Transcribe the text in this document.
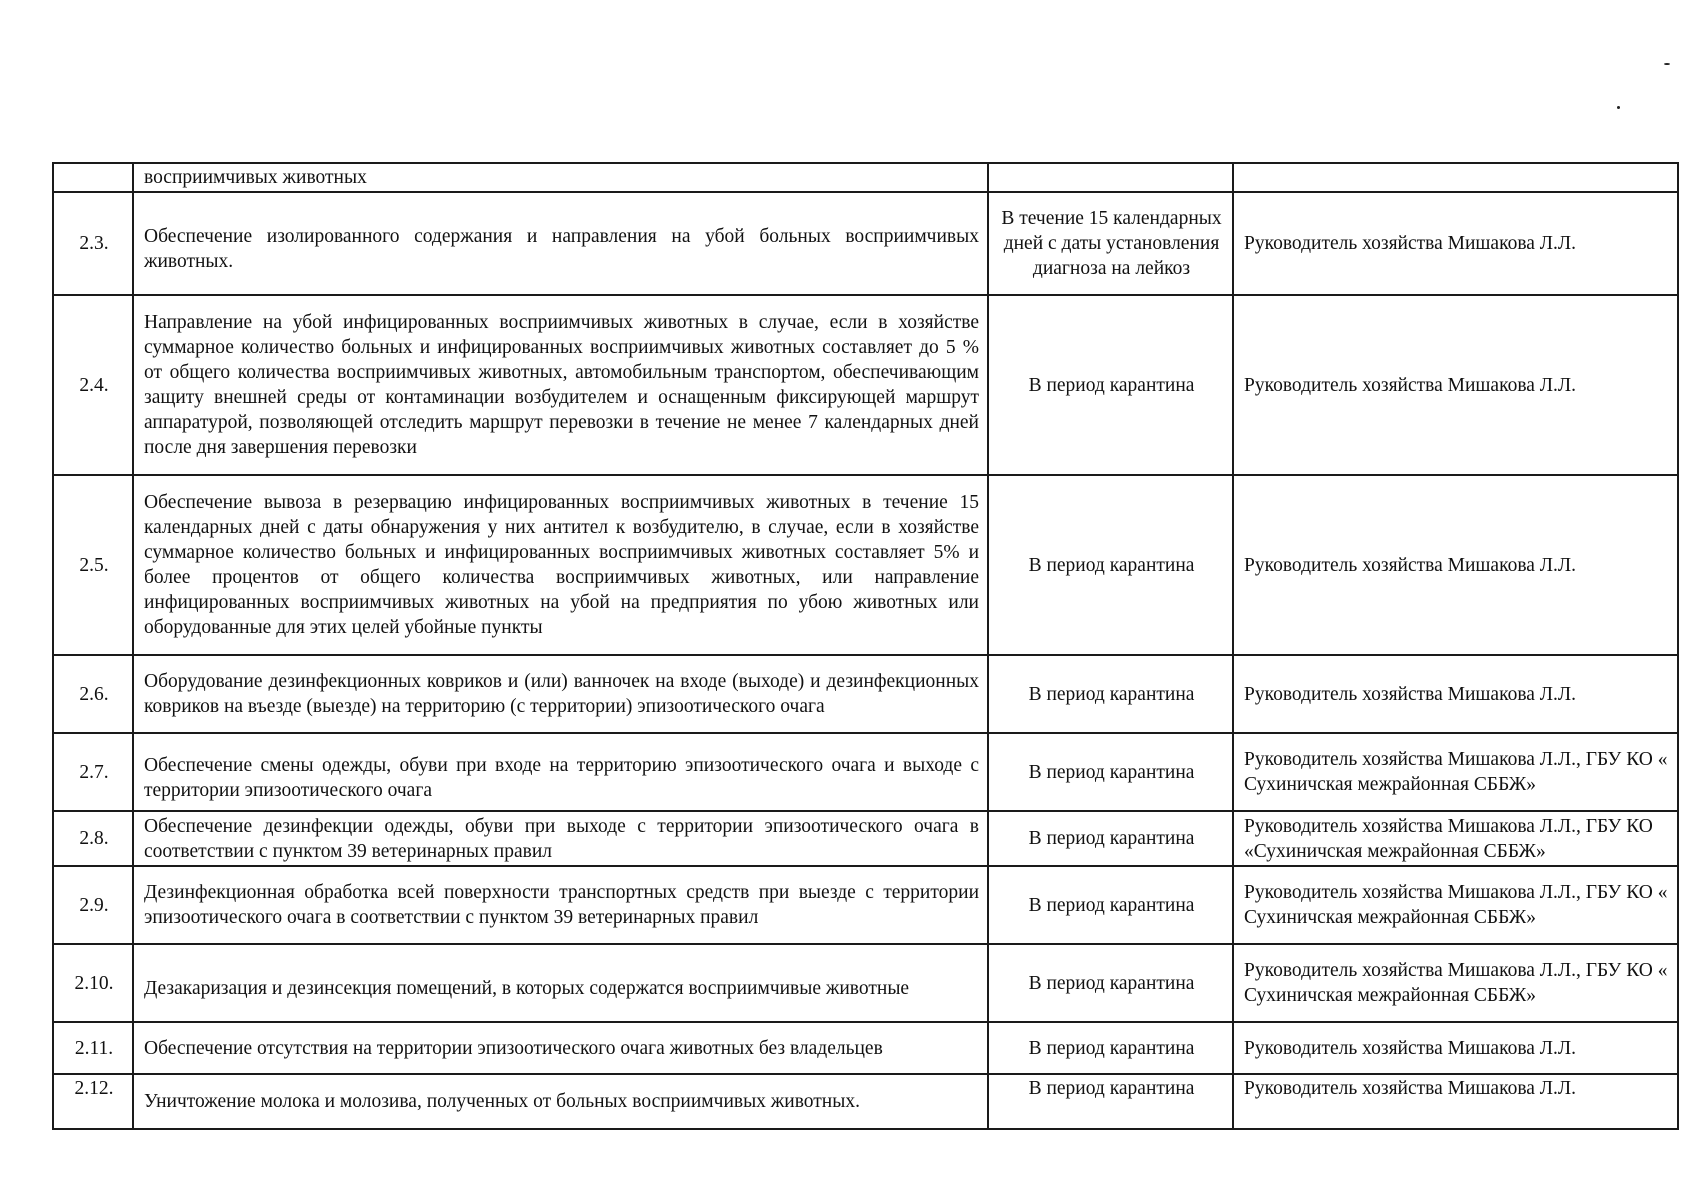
	восприимчивых животных		
2.3.	Обеспечение изолированного содержания и направления на убой больных восприимчивых животных.	В течение 15 календарных дней с даты установления диагноза на лейкоз	Руководитель хозяйства Мишакова Л.Л.
2.4.	Направление на убой инфицированных восприимчивых животных в случае, если в хозяйстве суммарное количество больных и инфицированных восприимчивых животных составляет до 5 % от общего количества восприимчивых животных, автомобильным транспортом, обеспечивающим защиту внешней среды от контаминации возбудителем и оснащенным фиксирующей маршрут аппаратурой, позволяющей отследить маршрут перевозки в течение не менее 7 календарных дней после дня завершения перевозки	В период карантина	Руководитель хозяйства Мишакова Л.Л.
2.5.	Обеспечение вывоза в резервацию инфицированных восприимчивых животных в течение 15 календарных дней с даты обнаружения у них антител к возбудителю, в случае, если в хозяйстве суммарное количество больных и инфицированных восприимчивых животных составляет 5% и более процентов от общего количества восприимчивых животных, или направление инфицированных восприимчивых животных на убой на предприятия по убою животных или оборудованные для этих целей убойные пункты	В период карантина	Руководитель хозяйства Мишакова Л.Л.
2.6.	Оборудование дезинфекционных ковриков и (или) ванночек на входе (выходе) и дезинфекционных ковриков на въезде (выезде) на территорию (с территории) эпизоотического очага	В период карантина	Руководитель хозяйства Мишакова Л.Л.
2.7.	Обеспечение смены одежды, обуви при входе на территорию эпизоотического очага и выходе с территории эпизоотического очага	В период карантина	Руководитель хозяйства Мишакова Л.Л., ГБУ КО « Сухиничская межрайонная СББЖ»
2.8.	Обеспечение дезинфекции одежды, обуви при выходе с территории эпизоотического очага в соответствии с пунктом 39 ветеринарных правил	В период карантина	Руководитель хозяйства Мишакова Л.Л., ГБУ КО «Сухиничская межрайонная СББЖ»
2.9.	Дезинфекционная обработка всей поверхности транспортных средств при выезде с территории эпизоотического очага в соответствии с пунктом 39 ветеринарных правил	В период карантина	Руководитель хозяйства Мишакова Л.Л., ГБУ КО « Сухиничская межрайонная СББЖ»
2.10.	Дезакаризация и дезинсекция помещений, в которых содержатся восприимчивые животные	В период карантина	Руководитель хозяйства Мишакова Л.Л., ГБУ КО « Сухиничская межрайонная СББЖ»
2.11.	Обеспечение отсутствия на территории эпизоотического очага животных без владельцев	В период карантина	Руководитель хозяйства Мишакова Л.Л.
2.12.	Уничтожение молока и молозива, полученных от больных восприимчивых животных.	В период карантина	Руководитель хозяйства Мишакова Л.Л.
